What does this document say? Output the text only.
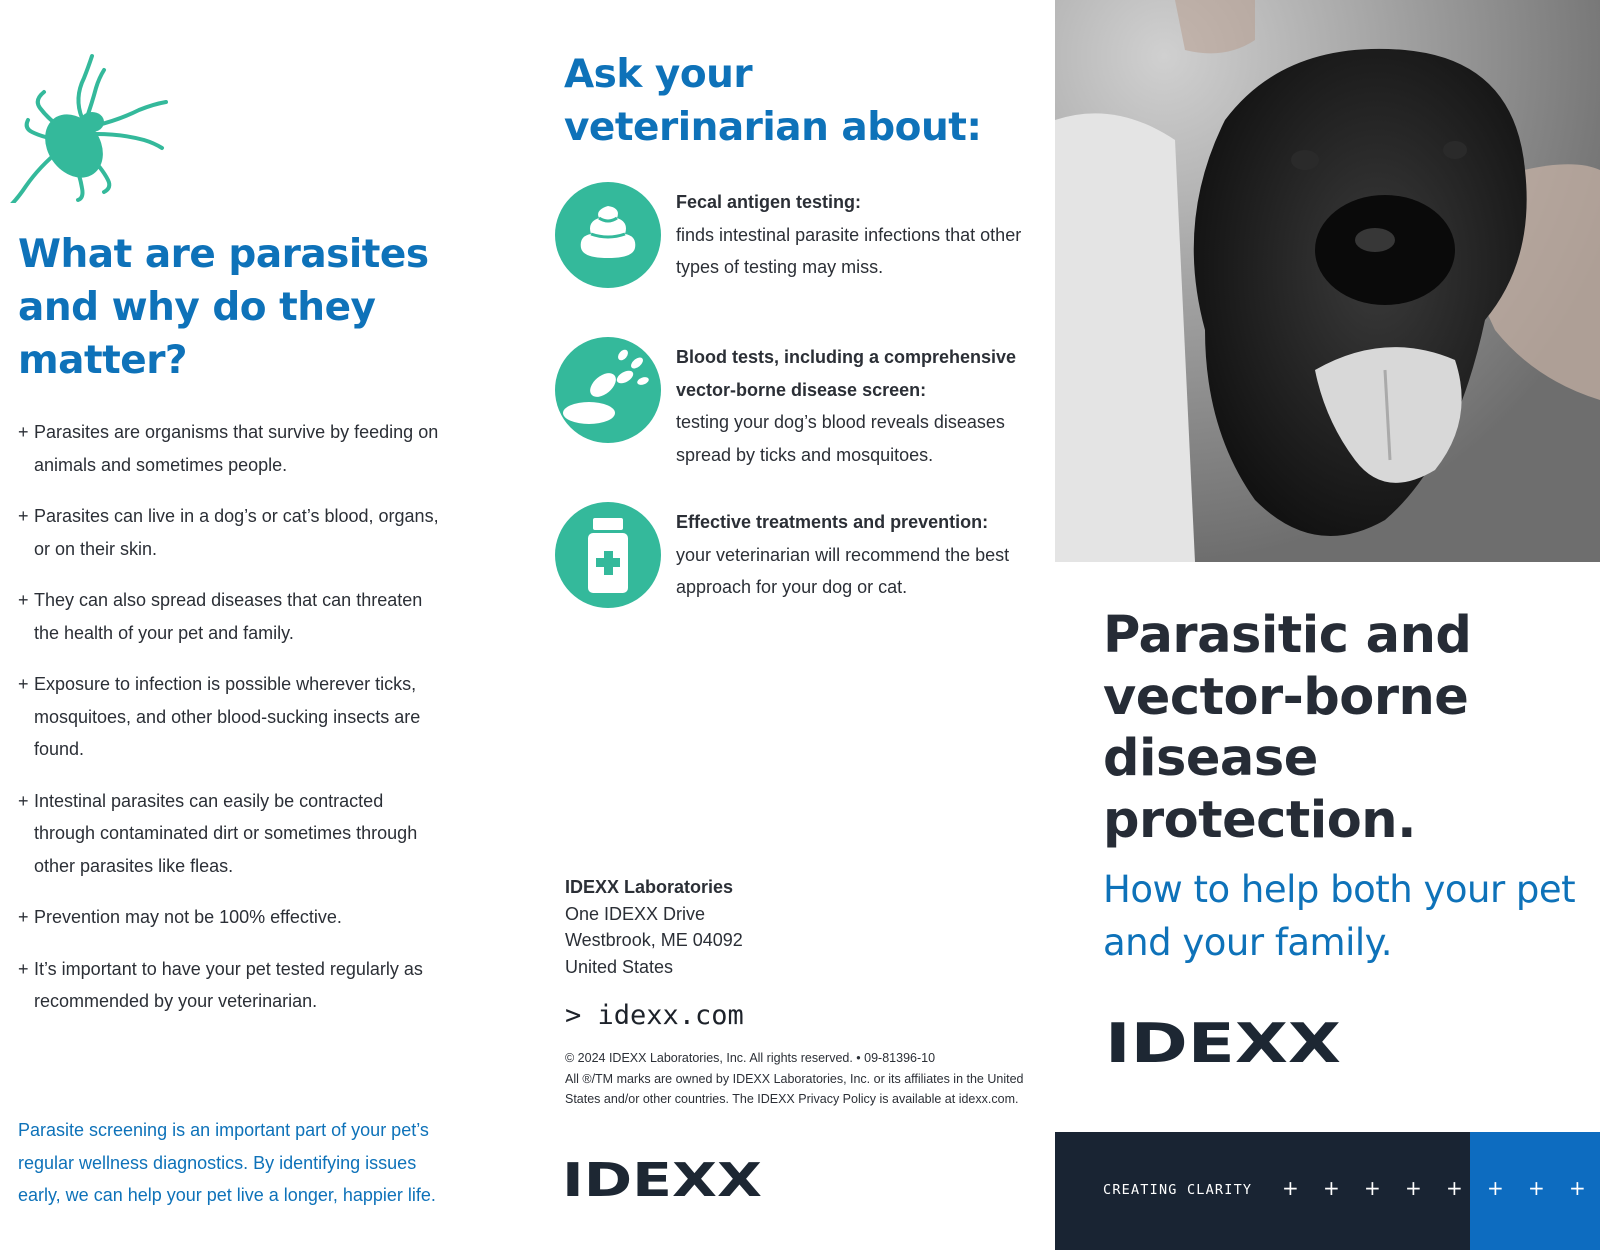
What are parasites and why do they matter?
+ Parasites are organisms that survive by feeding on animals and sometimes people.
+ Parasites can live in a dog’s or cat’s blood, organs, or on their skin.
+ They can also spread diseases that can threaten the health of your pet and family.
+ Exposure to infection is possible wherever ticks, mosquitoes, and other blood-sucking insects are found.
+ Intestinal parasites can easily be contracted through contaminated dirt or sometimes through other parasites like fleas.
+ Prevention may not be 100% effective.
+ It’s important to have your pet tested regularly as recommended by your veterinarian.

Parasite screening is an important part of your pet’s regular wellness diagnostics. By identifying issues early, we can help your pet live a longer, happier life.

Ask your veterinarian about:
Fecal antigen testing:
finds intestinal parasite infections that other types of testing may miss.
Blood tests, including a comprehensive vector-borne disease screen:
testing your dog’s blood reveals diseases spread by ticks and mosquitoes.
Effective treatments and prevention:
your veterinarian will recommend the best approach for your dog or cat.
IDEXX Laboratories
One IDEXX Drive
Westbrook, ME 04092
United States
> idexx.com
© 2024 IDEXX Laboratories, Inc. All rights reserved. • 09-81396-10
All ®/TM marks are owned by IDEXX Laboratories, Inc. or its affiliates in the United States and/or other countries. The IDEXX Privacy Policy is available at idexx.com.
IDEXX
Parasitic and vector-borne disease protection.
How to help both your pet and your family.
IDEXX
CREATING CLARITY + + + + + + + +
